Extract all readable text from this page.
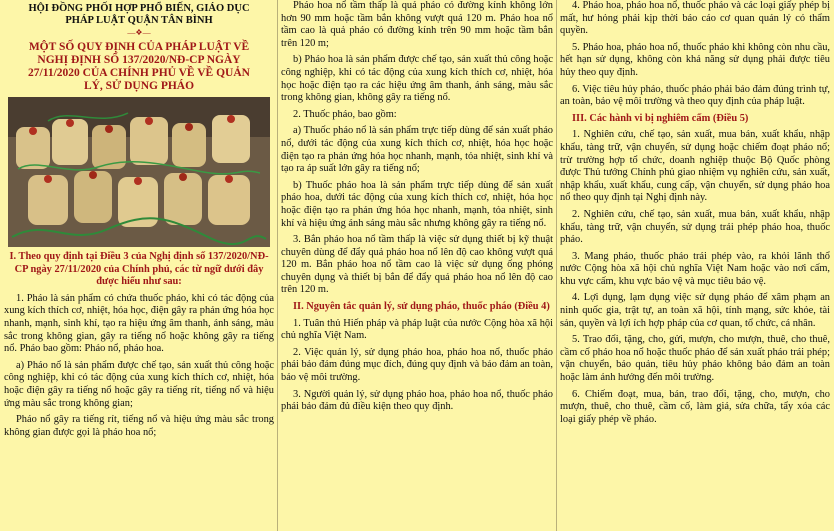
HỘI ĐỒNG PHỐI HỢP PHỔ BIẾN, GIÁO DỤC
PHÁP LUẬT QUẬN TÂN BÌNH
―❖―
MỘT SỐ QUY ĐỊNH CỦA PHÁP LUẬT VỀ
NGHỊ ĐỊNH SỐ 137/2020/NĐ-CP NGÀY
27/11/2020 CỦA CHÍNH PHỦ VỀ VỀ QUẢN
LÝ, SỬ DỤNG PHÁO

I. Theo quy định tại Điều 3 của Nghị định số 137/2020/NĐ-CP ngày 27/11/2020 của Chính phủ, các từ ngữ dưới đây được hiểu như sau:

1. Pháo là sản phẩm có chứa thuốc pháo, khi có tác động của xung kích thích cơ, nhiệt, hóa học, điện gây ra phản ứng hóa học nhanh, mạnh, sinh khí, tạo ra hiệu ứng âm thanh, ánh sáng, màu sắc trong không gian, gây ra tiếng nổ hoặc không gây ra tiếng nổ. Pháo bao gồm: Pháo nổ, pháo hoa.

a) Pháo nổ là sản phẩm được chế tạo, sản xuất thủ công hoặc công nghiệp, khi có tác động của xung kích thích cơ, nhiệt, hóa hoặc điện gây ra tiếng nổ hoặc gây ra tiếng rít, tiếng nổ và hiệu ứng màu sắc trong không gian;

Pháo nổ gây ra tiếng rít, tiếng nổ và hiệu ứng màu sắc trong không gian được gọi là pháo hoa nổ;

Pháo hoa nổ tầm thấp là quả pháo có đường kính không lớn hơn 90 mm hoặc tầm bắn không vượt quá 120 m. Pháo hoa nổ tầm cao là quả pháo có đường kính trên 90 mm hoặc tầm bắn trên 120 m;

b) Pháo hoa là sản phẩm được chế tạo, sản xuất thủ công hoặc công nghiệp, khi có tác động của xung kích thích cơ, nhiệt, hóa học hoặc điện tạo ra các hiệu ứng âm thanh, ánh sáng, màu sắc trong không gian, không gây ra tiếng nổ.

2. Thuốc pháo, bao gồm:

a) Thuốc pháo nổ là sản phẩm trực tiếp dùng để sản xuất pháo nổ, dưới tác động của xung kích thích cơ, nhiệt, hóa học hoặc điện tạo ra phản ứng hóa học nhanh, mạnh, tỏa nhiệt, sinh khí và tạo ra áp suất lớn gây ra tiếng nổ;

b) Thuốc pháo hoa là sản phẩm trực tiếp dùng để sản xuất pháo hoa, dưới tác động của xung kích thích cơ, nhiệt, hóa học hoặc điện tạo ra phản ứng hóa học nhanh, mạnh, tỏa nhiệt, sinh khí và hiệu ứng ánh sáng màu sắc nhưng không gây ra tiếng nổ.

3. Bắn pháo hoa nổ tầm thấp là việc sử dụng thiết bị kỹ thuật chuyên dùng để đẩy quả pháo hoa nổ lên độ cao không vượt quá 120 m. Bắn pháo hoa nổ tầm cao là việc sử dụng ống phóng chuyên dụng và thiết bị bắn để đẩy quả pháo hoa nổ lên độ cao trên 120 m.

II. Nguyên tắc quản lý, sử dụng pháo, thuốc pháo (Điều 4)

1. Tuân thủ Hiến pháp và pháp luật của nước Cộng hòa xã hội chủ nghĩa Việt Nam.

2. Việc quản lý, sử dụng pháo hoa, pháo hoa nổ, thuốc pháo phải bảo đảm đúng mục đích, đúng quy định và bảo đảm an toàn, bảo vệ môi trường.

3. Người quản lý, sử dụng pháo hoa, pháo hoa nổ, thuốc pháo phải bảo đảm đủ điều kiện theo quy định.

4. Pháo hoa, pháo hoa nổ, thuốc pháo và các loại giấy phép bị mất, hư hỏng phải kịp thời báo cáo cơ quan quản lý có thẩm quyền.

5. Pháo hoa, pháo hoa nổ, thuốc pháo khi không còn nhu cầu, hết hạn sử dụng, không còn khả năng sử dụng phải được tiêu hủy theo quy định.

6. Việc tiêu hủy pháo, thuốc pháo phải bảo đảm đúng trình tự, an toàn, bảo vệ môi trường và theo quy định của pháp luật.

III. Các hành vi bị nghiêm cấm (Điều 5)

1. Nghiên cứu, chế tạo, sản xuất, mua bán, xuất khẩu, nhập khẩu, tàng trữ, vận chuyển, sử dụng hoặc chiếm đoạt pháo nổ; trừ trường hợp tổ chức, doanh nghiệp thuộc Bộ Quốc phòng được Thủ tướng Chính phủ giao nhiệm vụ nghiên cứu, sản xuất, nhập khẩu, xuất khẩu, cung cấp, vận chuyển, sử dụng pháo hoa nổ theo quy định tại Nghị định này.

2. Nghiên cứu, chế tạo, sản xuất, mua bán, xuất khẩu, nhập khẩu, tàng trữ, vận chuyển, sử dụng trái phép pháo hoa, thuốc pháo.

3. Mang pháo, thuốc pháo trái phép vào, ra khỏi lãnh thổ nước Cộng hòa xã hội chủ nghĩa Việt Nam hoặc vào nơi cấm, khu vực cấm, khu vực bảo vệ và mục tiêu bảo vệ.

4. Lợi dụng, lạm dụng việc sử dụng pháo để xâm phạm an ninh quốc gia, trật tự, an toàn xã hội, tính mạng, sức khỏe, tài sản, quyền và lợi ích hợp pháp của cơ quan, tổ chức, cá nhân.

5. Trao đổi, tặng, cho, gửi, mượn, cho mượn, thuê, cho thuê, cầm cố pháo hoa nổ hoặc thuốc pháo để sản xuất pháo trái phép; vận chuyển, bảo quản, tiêu hủy pháo không bảo đảm an toàn hoặc làm ảnh hưởng đến môi trường.

6. Chiếm đoạt, mua, bán, trao đổi, tặng, cho, mượn, cho mượn, thuê, cho thuê, cầm cố, làm giả, sửa chữa, tẩy xóa các loại giấy phép về pháo.
